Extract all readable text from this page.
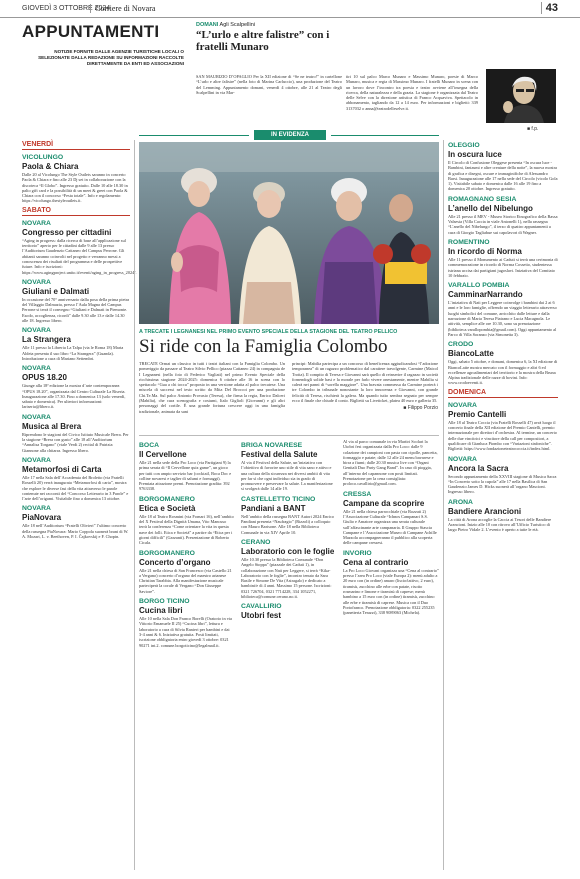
GIOVEDÌ 3 OTTOBRE 2024
Corriere di Novara	43
APPUNTAMENTI
NOTIZIE FORNITE DALLE AGENZIE TURISTICHE LOCALI O SELEZIONATE DALLA REDAZIONE SU INFORMAZIONI RACCOLTE DIRETTAMENTE DA ENTI ED ASSOCIAZIONI
DOMANI Agli Scalpellini
“L’urlo e altre falistre” con i fratelli Munaro
SAN MAURIZIO D’OPAGLIO Per la XII edizione di “Se ne teatro!” in cartellone “L’urlo e altre falistre” (nella foto di Marina Carluccio), una produzione del Teatro del Lemming. Appuntamento domani, venerdì 4 ottobre, alle 21 al Teatro degli Scalpellini in via Mar-
tiri 10 sul palco Marco Munaro e Massimo Munaro, poesie di Marco Munaro, musica e regia di Massimo Munaro. I fratelli Munaro in scena con un lavoro dove l’incontro tra poesia e teatro avviene all’insegna della ricerca, della naturalezza e della grazia. La stagione è organizzata dal Teatro delle Selve con la direzione artistica di Franco Acquaviva. Spettacolo in abbonamento, tagliando da 12 a 14 euro. Per informazioni e biglietti: 339 3137032 o anna@teatrodelleselve.it.
■ f.p.
IN EVIDENZA
VENERDÌ
VICOLUNGO
Paola & Chiara
Dalle 20 al Vicolungo The Style Outlets saranno in concerto Paola & Chiara e fino alle 23 Dj set in collaborazione con la discoteca “Il Globo”. Ingresso gratuito. Dalle 10 alle 18.30 in palio gift card e la possibilità di un meet & greet con Paola & Chiara con il concorso “Festa totale”. Info e regolamento: https://vicolungo.thestyleoutlets.it.
SABATO
NOVARA
Congresso per cittadini
“Aging in progress: dalla ricerca di base all’applicazione sul territorio” aperto per le cittadini dalle 9 alle 13 presso l’Auditorium Gaudenzio Cattaneo del Campus Perrone. Gli abitanti saranno coinvolti nel progetto e verranno messi a conoscenza dei risultati del programma e delle prospettive future. Info e iscrizioni: https://www.agingproject.unito.it/eventi/aging_in_progress_2024/.
NOVARA
Giuliani e Dalmati
In occasione del 70° anniversario dalla posa della prima pietra del Villaggio Dalmazia, presso l’Aula Magna del Campus Perrone si terrà il convegno “Giuliani e Dalmati in Piemonte. Esodo, accoglienza, ricordi” dalle 9.30 alle 13 e dalle 14.30 alle 18. Ingresso libero.
NOVARA
La Strangera
Alle 11 presso la Libreria La Talpa (via le Roma 18) Marta Aldeia presenta il suo libro “La Strangera” (Guanda). Introduzione a cura di Mariano Settembri.
NOVARA
OPUS 18.20
Giunge alla 18ª edizione la mostra d’arte contemporanea “OPUS 18.20”, organizzata dal Centro Culturale La Riseria. Inaugurazione alle 17.30. Fino a domenica 13 (solo venerdì, sabato e domenica). Per ulteriori informazioni: lariseria@libero.it.
NOVARA
Musica al Brera
Riprendono le stagioni del Civico Istituto Musicale Brera. Per la stagione “Brera con gusto” alle 18 all’Auditorium “Annalisa Torgano” (viale Verdi 2) recital di Patrizia Giannone alla chitarra. Ingresso libero.
NOVARA
Metamorfosi di Carta
Alle 17 nella Sala dell’Accademia del Broletto (via Fratelli Rosselli 20) verrà inaugurata “Metamorfosi di carta”, mostra che esplore le diverse fasi della vita attraverso le parole contenute nei racconti del “Concorso Letterario in 3 Parole” e l’arte dell’origami. Visitabile fino a domenica 13 ottobre.
NOVARA
PiaNovara
Alle 18 nell’Auditorium “Fratelli Olivieri” l’ultimo concerto della rassegna PiaNovara: Mario Coppola suonerà brani di W. A. Mozart, L. v. Beethoven, P. I. Čajkovskij e F. Chopin.
A TRECATE I LEGNANESI NEL PRIMO EVENTO SPECIALE DELLA STAGIONE DEL TEATRO PELLICO
Si ride con la Famiglia Colombo
TRECATE Ormai un classico in tutti i teatri italiani con la Famiglia Colombo. Un pomeriggio da passare al Teatro Silvio Pellico (piazza Cattaneo 24) in compagnia de I Legnanesi (nella foto di Federico Vagliati) nel primo Evento Speciale della ricchissima stagione 2024-2025: domenica 6 ottobre alle 16 in scena con lo spettacolo “Gua a chi tocca” proposto in una versione adatta al palco trecatese. Una miscela di successi nel testo scritto da Mita Del Broccoi per una produzione Chi.Te.Ma. Sul palco Antonio Provasio (Teresa), che firma la regia, Enrico Dalceri (Mabilia), che cura scenografia e costumi, Italo Giglioli (Giovanni) e gli altri personaggi del cortile. È una grande fortuna crescere oggi in una famiglia tradizionale, animata da sani
principi: Mabilia partecipa a un concorso di beneficenza aggiudicandosi “l’adozione temporanea” di un ragazzo problematico dal carattere travolgente, Carmine (Maicol Trotta). Il compito di Teresa e Giovanni sarà quello di reinserire il ragazzo in società fornendogli solide basi e la morale per farlo vivere onestamente, mentre Mabilia si calerà nei panni di “sorella maggiore”. Una bravata commessa da Carmine porterà i tre Colombo in tribunale nonostante la loro innocenza e Giovanni, con grande felicità di Teresa, rischierà la galera. Ma quando tutto sembra segnato per sempre ecco il finale che chiude il conto. Biglietti su Liveticket, platea 40 euro e galleria 35.
■ Filippo Porzio
BOCA
Il Cervellone
Alle 21 nella sede della Pro Loco (via Partigiani 9) la prima serata di “Il Cervellone quiz game”, un gioco per tutti con ampio servizio bar (cocktail, Boca Doc e colline novaresi e taglier di salumi e formaggi). Premiata attrazione premi. Prenotazione gradita: 392 9763338.
BORGOMANERO
Etica e Società
Alle 18 al Teatro Rosmini (via Fornari 16), nell’ambito del X Festival della Dignità Umana, Vito Mancuso terrà la conferenza “Come orientare la vita in questa nave dei folli. Etica e Società” a partire da “Etica per i giorni difficili” (Garzanti). Presentazione di Roberto Cicala.
BORGOMANERO
Concerto d’organo
Alle 21 nella chiesa di San Francesco (via Castello 21 a Vergano) concerto d’organo del maestro arianese Christian Tarabbia. Alla manifestazione musicale parteciperà la corale di Vergano “Don Giuseppe Saviore”.
BORGO TICINO
Cucina libri
Alle 10 nella Sala Don Franco Borelli (Oratorio in via Vittorio Emanuele II 25) “Cucina libri”, lettura e laboratorio a cura di Silvia Ranieri per bambini e dai 3-4 anni & 6. Iniziativa gratuita. Posti limitati, iscrizione obbligatoria entro giovedì 3 ottobre: 0321 90271 int.2. comune.borgoticino@legalmail.it.
BRIGA NOVARESE
Festival della Salute
Al via il Festival della Salute, un’iniziativa con l’obiettivo di favorire uno stile di vita sano e attivo e una cultura della sicurezza nei diversi ambiti di vita per far sì che ogni individuo sia in grado di promuovere e preservare la salute. La manifestazione si svolgerà dalle 14 alle 19.
CASTELLETTO TICINO
Pandiani a BANT
Nell’ambito della rassegna BANT Autori 2024 Enrico Pandiani presenta “Naufragio” (Rizzoli) a colloquio con Mauro Barisone. Alle 18 nella Biblioteca Comunale in via XIV Aprile 10.
CERANO
Laboratorio con le foglie
Alle 10.30 presso la Biblioteca Comunale “Don Angelo Stoppa” (piazzale dei Caduti 1), in collaborazione con Nati per Leggere, si terrà “Kika-Laboratorio con le foglie”, incontro tenuto da Sara Basile e Simone De Vita (Astragalo) e dedicato a bambini/e di 4 anni. Massimo 15 persone. Iscrizioni: 0321 726704, 0321 7714228, 334 1052271, biblioteca@comune.cerano.no.it.
CAVALLIRIO
Utobri fest
Al via al parco comunale in via Martiri Scolari la Utobri fest organizzata dalla Pro Loco: dalle 9 colazione dei campioni con pasta con cipolle, pancetta, formaggio e patate; dalle 12 alle 24 menu bavarese e birra a fiumi; dalle 20.30 musica live con “Organi Genitali Duo Party Gang Band”. In caso di pioggia, all’interno del capannone con posti limitati. Prenotazione per la cena consigliata: proloco.cavallirio@gmail.com.
CRESSA
Campane da scoprire
Alle 21 nella chiesa parrocchiale (via Rozzati 2) l’Associazione Culturale “Ichnos Campanari S.S. Giulio e Amatore organizza una serata culturale sull’affascinante arte campanaria. Il Gruppo Stascia Campane e l’Associazione Museo di Campane Achille Mazzola accompagneranno il pubblico alla scoperta delle campane cressesi.
INVORIO
Cena al contrario
La Pro Loco Giovani organizza una “Cena al contrario” presso l’area Pro Loco (viale Europa 2): menù adulto a 20 euro con (in ordine) amaro (liscio/tattivo, 2 euro), tiramisù, zucchino alle erbe con patate, risotto rosmarino e limone e tiramisù di caprese; menù bambino a 15 euro con (in ordine) tiramisù, zucchino alle erbe e tiramisù di caprese. Musica con il Duo Portofranco. Prenotazione obbligatoria: 0322 255235 (panetteria Terazzi), 338 9089063 (Michela).
OLEGGIO
In oscura luce
Il Circolo di Confusione Oleggese presenta “In oscura luce - Bambini, fantasmi e altre creature della notte”, la nuova mostra di grafica e disegni, oscure e immaginifiche di Alessandro Barsi. Inaugurazione alle 17 nella sede del Circolo (vicolo Gola 1). Visitabile sabato e domenica dalle 16 alle 19 fino a domenica 20 ottobre. Ingresso gratuito.
ROMAGNANO SESIA
L’anello del Nibelungo
Alle 21 presso il MEV - Museo Storico Etnografico della Bassa Valsesia (Villa Caccia in viale Antonelli 1), nella rassegna “L’anello del Nibelungo”, il terzo di quattro appuntamenti a cura di Giorgio Tagliabue sui capolavori di Wagner.
ROMENTINO
In ricordo di Norma
Alle 11 presso il Monumento ai Caduti si terrà una cerimonia di commemorazione in ricordo di Norma Cossetto, studentessa istriana uccisa dai partigiani jugoslavi. Iniziativa del Comitato 10 febbraio.
VARALLO POMBIA
CamminarNarrando
L’iniziativa di Nati per Leggere coinvolge i bambini dai 2 ai 6 anni e le loro famiglie, offrendo un viaggio letterario attraverso luoghi simbolici del comune, arricchito dalle letture e dalla narrazione di Maria Teresa Piatrano e Lucia Macagnola. Le attività, semplice alle ore 10.30, sono su prenotazione (biblioteca.varallopombia@gmail.com). Oggi appuntamento al Parco di Villa Soranzo (via Simonetta 3).
CRODO
BiancoLatte
Oggi, sabato 5 ottobre, e domani, domenica 6, la XI edizione di BiancoLatte mostra mercato con il formaggio e altri 6 ed eccellenze agroalimentari del territorio e la mostra della Bruna Alpina tradizionale delle razze di bovini. Info: www.crodoeventi.it.
DOMENICA
NOVARA
Premio Cantelli
Alle 18 al Teatro Coccia (via Fratelli Rosselli 47) avrà luogo il concerto finale della XII edizione del Premio Cantelli, premio internazionale per direttori d’orchestra. Al termine, un concerto delle due vincitrici e vincitore della call per compositori, a qualificare di Gianluca Piombo con “Variazioni sinfoniche”. Biglietti: https://www.fondazioneteatrococcia.it/index.html.
NOVARA
Ancora la Sacra
Secondo appuntamento della XXVIII stagione di Musica Sacra “In Concerto sotto la cupola” alle 17 nella Basilica di San Gaudenzio James D. Hicks suonerà all’organo Mascioni. Ingresso libero.
ARONA
Bandiere Arancioni
La città di Arona accoglie la Caccia ai Tesori delle Bandiere Arancioni. Inizio alle 10 con ritrovo all’Ufficio Turistico di largo Pietro Vidale 2. L’evento è aperto a tutte le età.
